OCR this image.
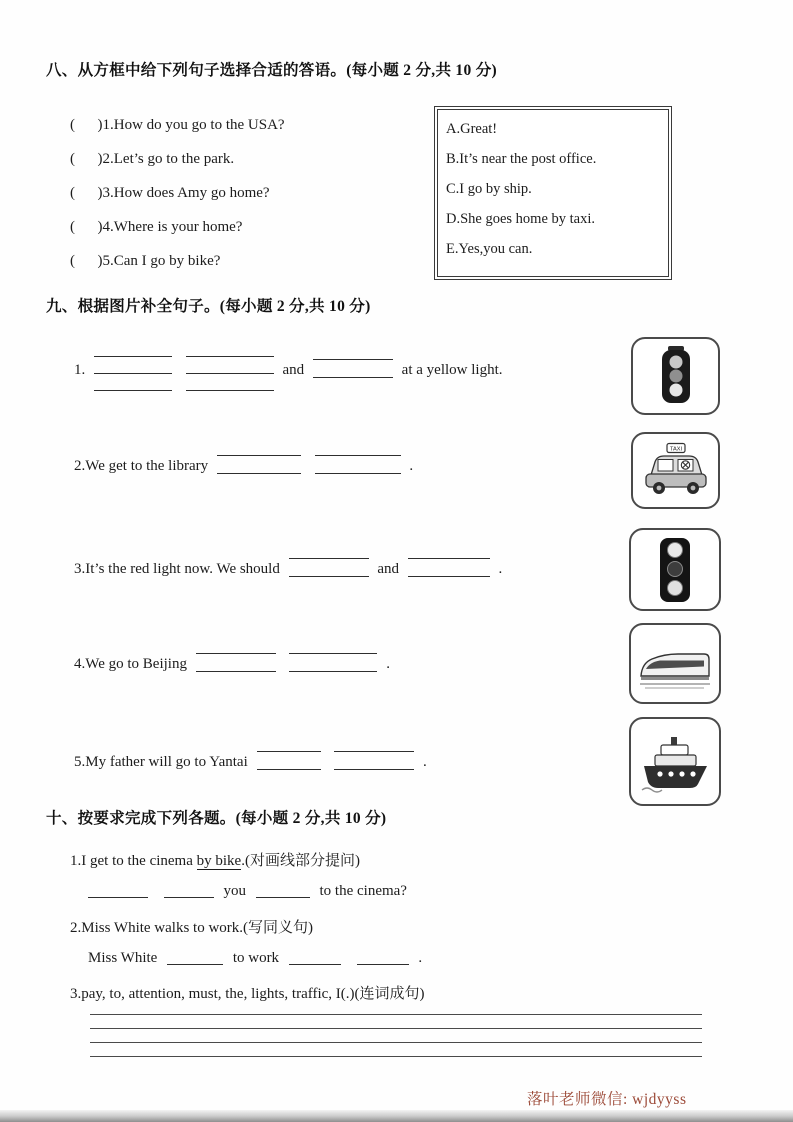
八、从方框中给下列句子选择合适的答语。(每小题 2 分,共 10 分)
(      ) 1.How do you go to the USA?
(      ) 2.Let’s go to the park.
(      ) 3.How does Amy go home?
(      ) 4.Where is your home?
(      ) 5.Can I go by bike?
A.Great!
B.It’s near the post office.
C.I go by ship.
D.She goes home by taxi.
E.Yes,you can.
九、根据图片补全句子。(每小题 2 分,共 10 分)
1.	and	at a yellow light.
2.We get to the library	.
3.It’s the red light now. We should	and	.
4.We go to Beijing	.
5.My father will go to Yantai	.
TAXI
十、按要求完成下列各题。(每小题 2 分,共 10 分)
1.I get to the cinema by bike.(对画线部分提问)
you	to the cinema?
2.Miss White walks to work.(写同义句)
Miss White	to work	.
3.pay, to, attention, must, the, lights, traffic, I(.)(连词成句)
落叶老师微信: wjdyyss
